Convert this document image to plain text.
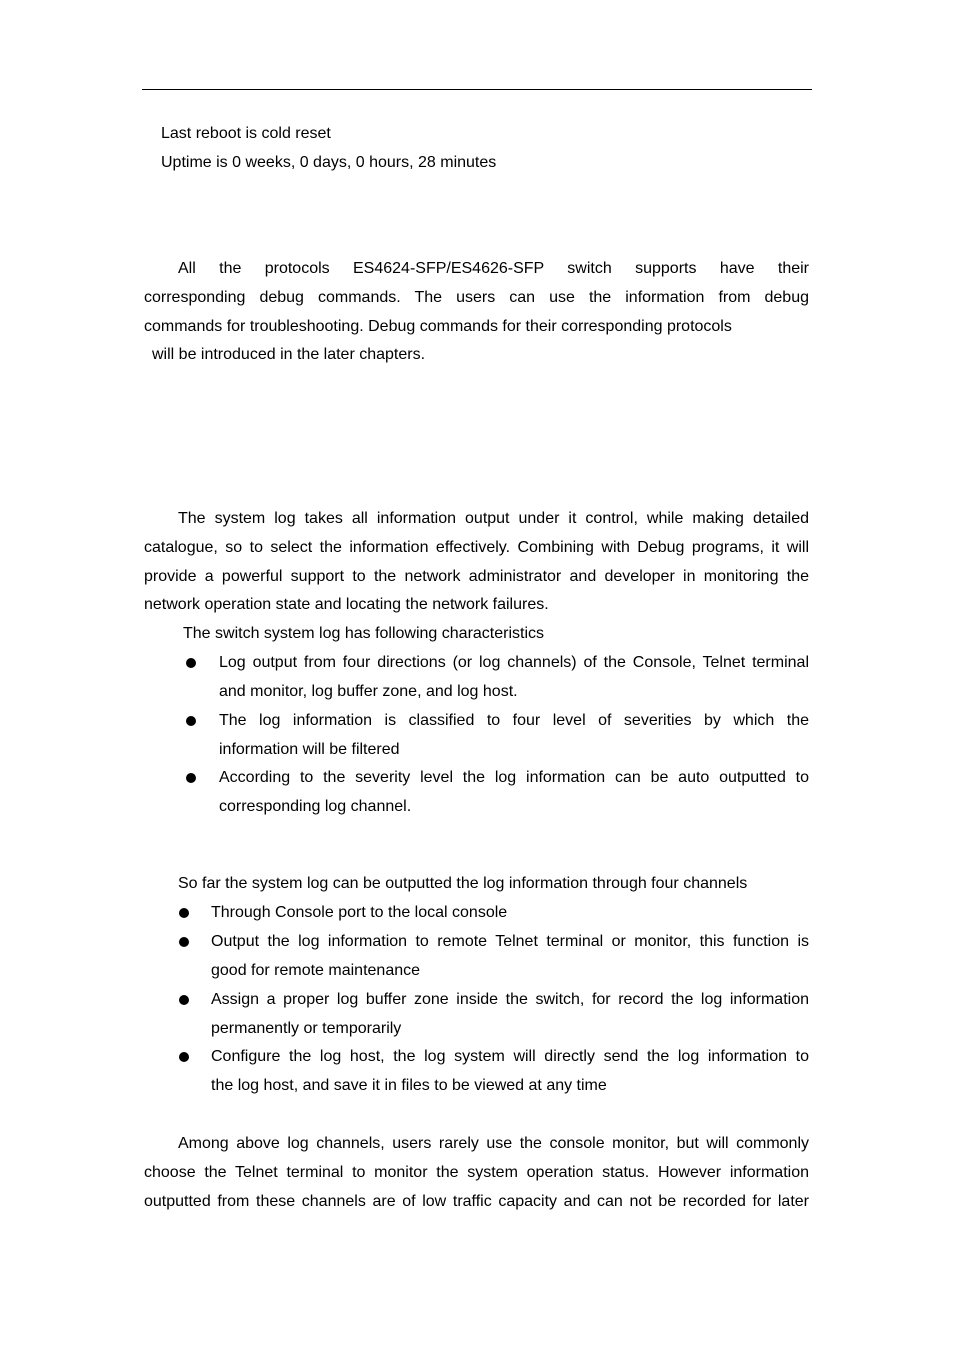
Last reboot is cold reset
Uptime is 0 weeks, 0 days, 0 hours, 28 minutes
All the protocols ES4624-SFP/ES4626-SFP switch supports have their
corresponding debug commands. The users can use the information from debug
commands for troubleshooting. Debug commands for their corresponding protocols
will be introduced in the later chapters.
The system log takes all information output under it control, while making detailed
catalogue, so to select the information effectively. Combining with Debug programs, it will
provide a powerful support to the network administrator and developer in monitoring the
network operation state and locating the network failures.
The switch system log has following characteristics
Log output from four directions (or log channels) of the Console, Telnet terminal
and monitor, log buffer zone, and log host.
The log information is classified to four level of severities by which the
information will be filtered
According to the severity level the log information can be auto outputted to
corresponding log channel.
So far the system log can be outputted the log information through four channels
Through Console port to the local console
Output the log information to remote Telnet terminal or monitor, this function is
good for remote maintenance
Assign a proper log buffer zone inside the switch, for record the log information
permanently or temporarily
Configure the log host, the log system will directly send the log information to
the log host, and save it in files to be viewed at any time
Among above log channels, users rarely use the console monitor, but will commonly
choose the Telnet terminal to monitor the system operation status. However information
outputted from these channels are of low traffic capacity and can not be recorded for later
